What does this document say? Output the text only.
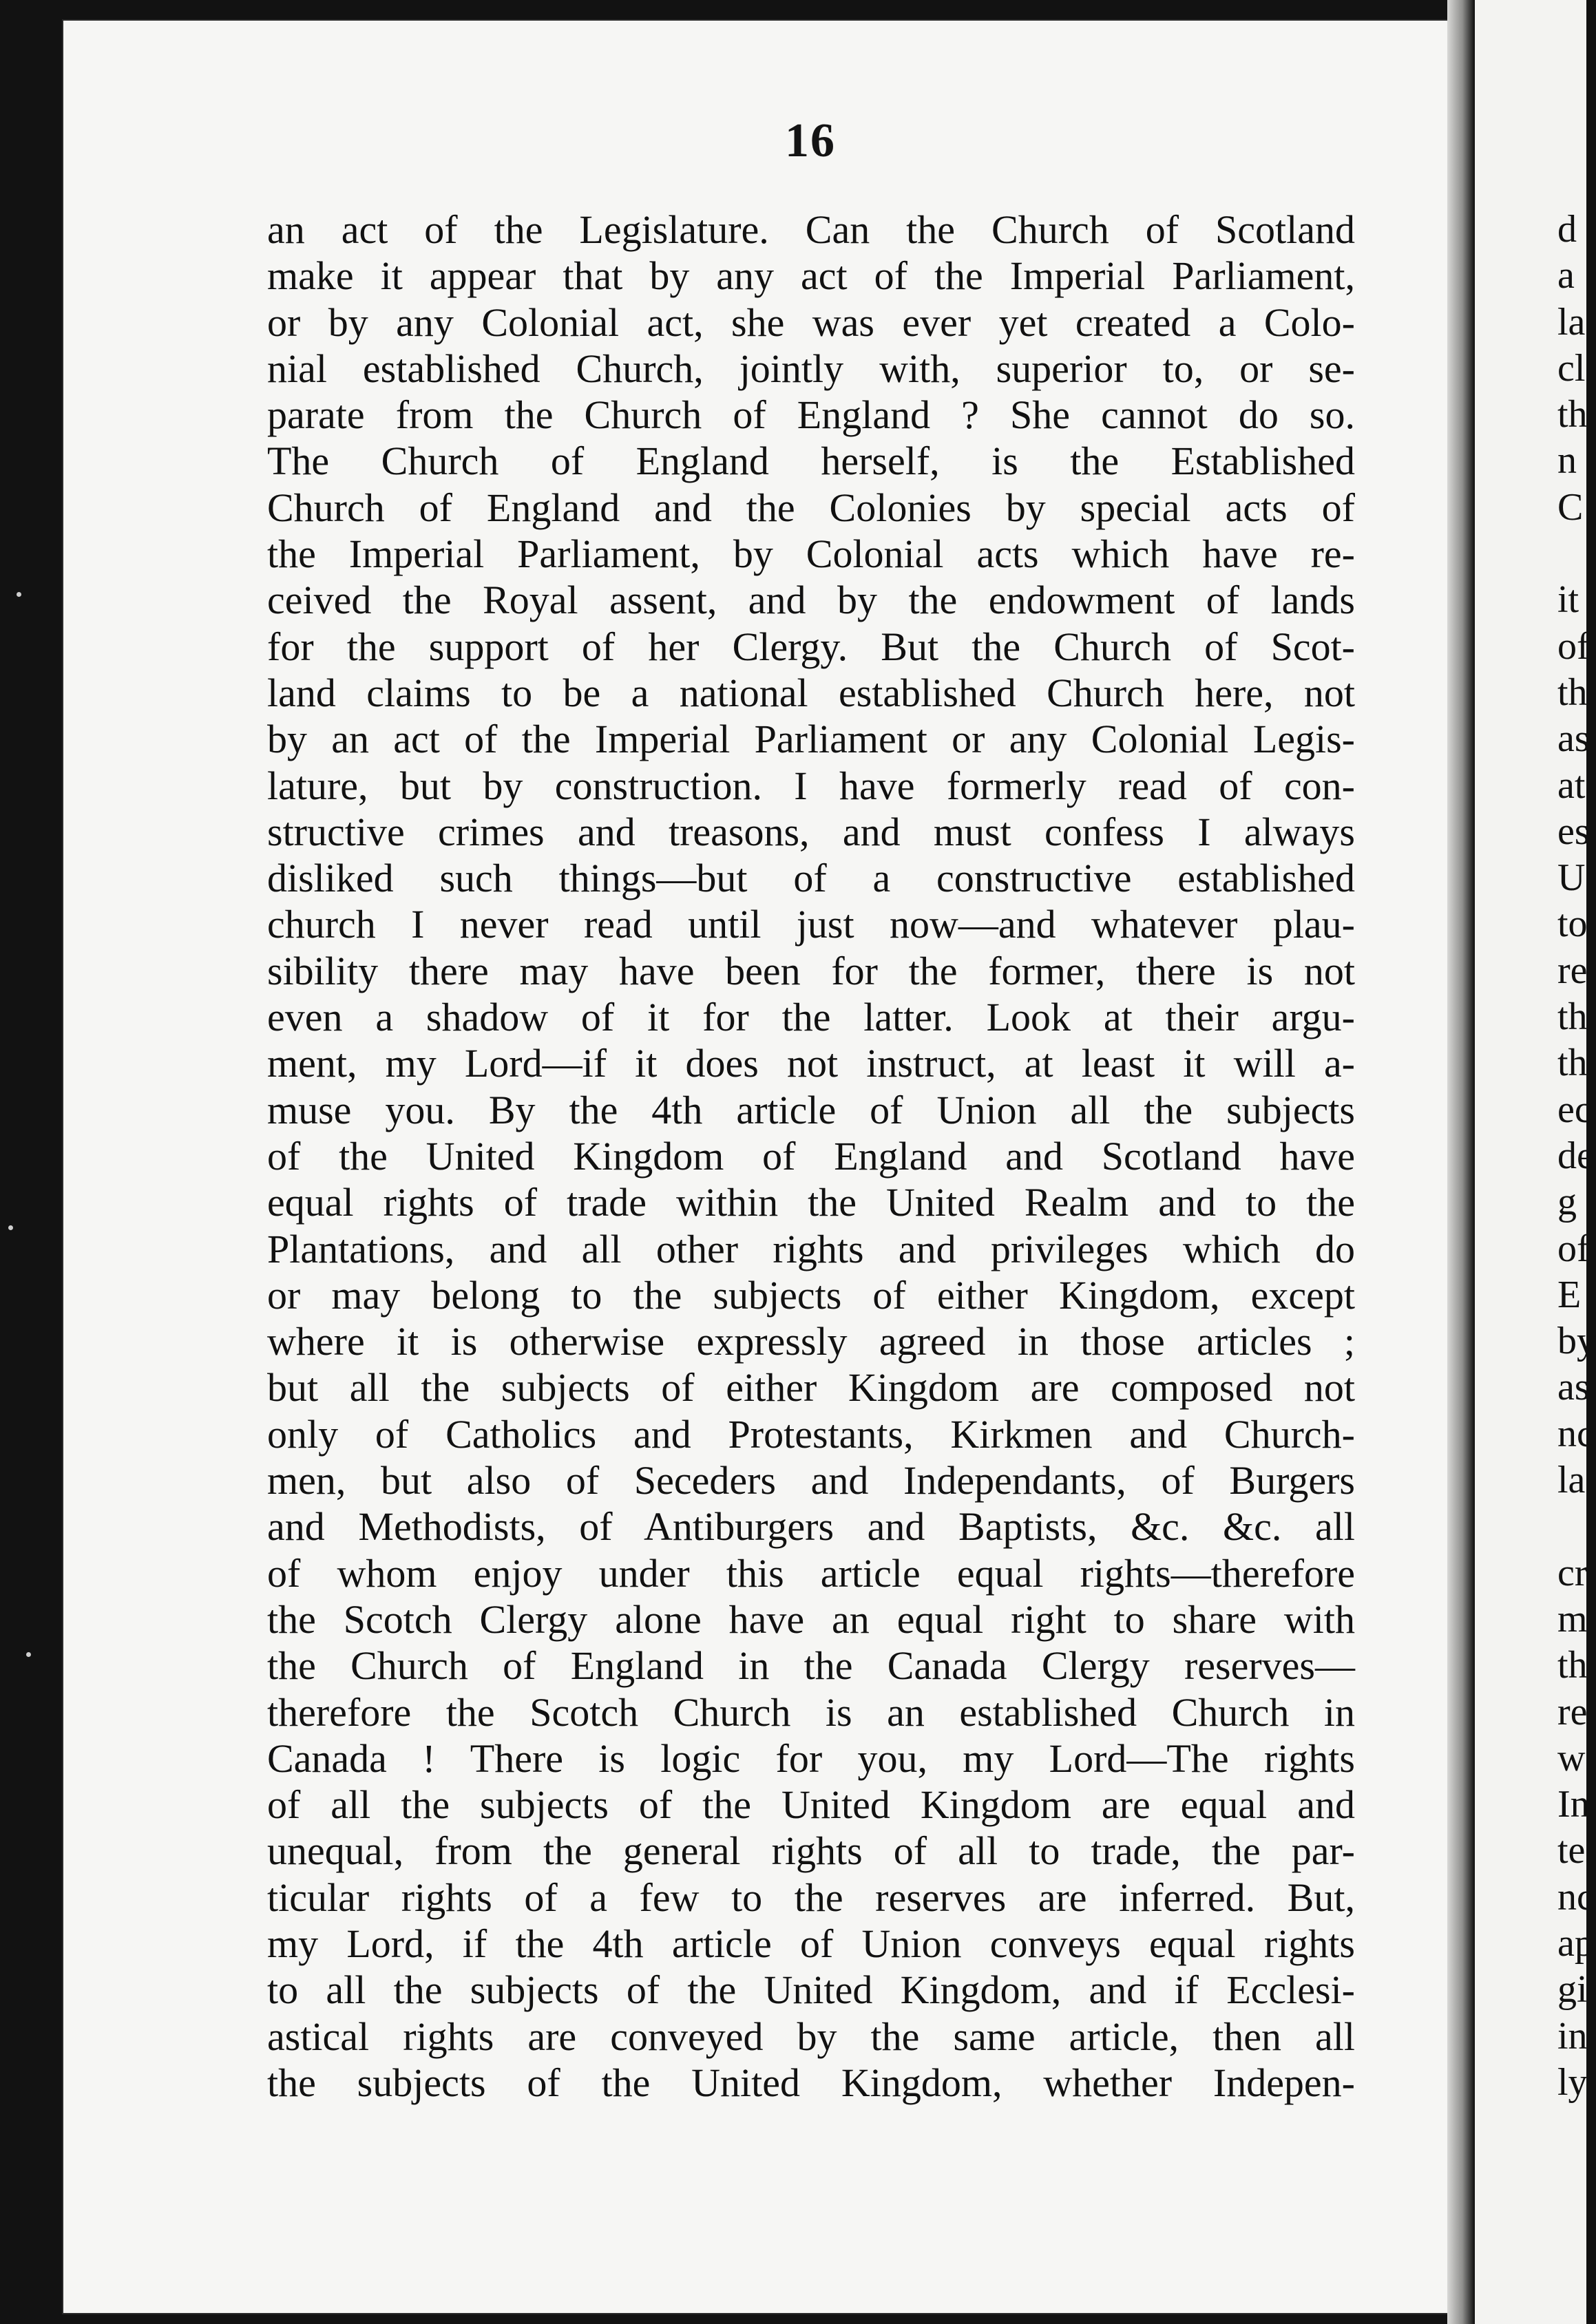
16
an act of the Legislature. Can the Church of Scotland
make it appear that by any act of the Imperial Parliament,
or by any Colonial act, she was ever yet created a Colo-
nial established Church, jointly with, superior to, or se-
parate from the Church of England ? She cannot do so.
The Church of England herself, is the Established
Church of England and the Colonies by special acts of
the Imperial Parliament, by Colonial acts which have re-
ceived the Royal assent, and by the endowment of lands
for the support of her Clergy. But the Church of Scot-
land claims to be a national established Church here, not
by an act of the Imperial Parliament or any Colonial Legis-
lature, but by construction. I have formerly read of con-
structive crimes and treasons, and must confess I always
disliked such things—but of a constructive established
church I never read until just now—and whatever plau-
sibility there may have been for the former, there is not
even a shadow of it for the latter. Look at their argu-
ment, my Lord—if it does not instruct, at least it will a-
muse you. By the 4th article of Union all the subjects
of the United Kingdom of England and Scotland have
equal rights of trade within the United Realm and to the
Plantations, and all other rights and privileges which do
or may belong to the subjects of either Kingdom, except
where it is otherwise expressly agreed in those articles ;
but all the subjects of either Kingdom are composed not
only of Catholics and Protestants, Kirkmen and Church-
men, but also of Seceders and Independants, of Burgers
and Methodists, of Antiburgers and Baptists, &c. &c. all
of whom enjoy under this article equal rights—therefore
the Scotch Clergy alone have an equal right to share with
the Church of England in the Canada Clergy reserves—
therefore the Scotch Church is an established Church in
Canada ! There is logic for you, my Lord—The rights
of all the subjects of the United Kingdom are equal and
unequal, from the general rights of all to trade, the par-
ticular rights of a few to the reserves are inferred. But,
my Lord, if the 4th article of Union conveys equal rights
to all the subjects of the United Kingdom, and if Ecclesi-
astical rights are conveyed by the same article, then all
the subjects of the United Kingdom, whether Indepen-
d
a
la
cl
th
n
C
it
of
th
as
at
es
U
to
re
th
th
ec
de
g
of
E
by
as
nc
la
cr
m
th
re
w
In
te
nc
ap
gi
in
ly
